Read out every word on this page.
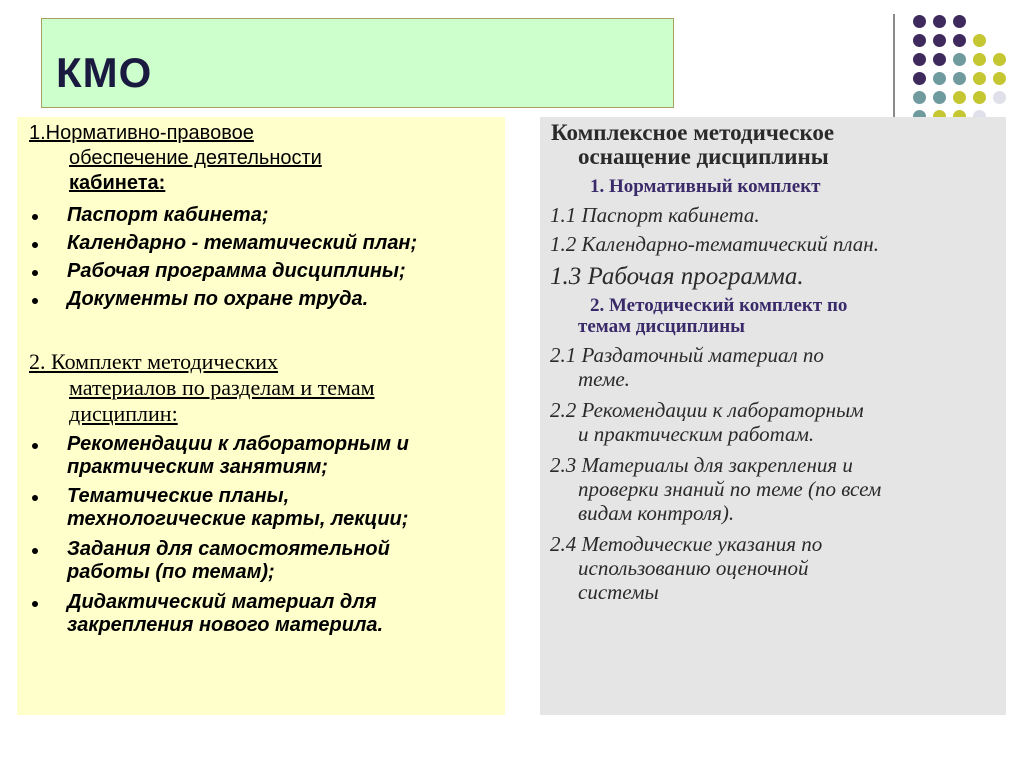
КМО
1.Нормативно-правовое
обеспечение деятельности
кабинета:
Паспорт кабинета;
Календарно - тематический план;
Рабочая программа дисциплины;
Документы по охране труда.
2. Комплект методических
материалов по разделам и темам
дисциплин:
Рекомендации к лабораторным и
практическим занятиям;
Тематические планы,
технологические карты, лекции;
Задания для самостоятельной
работы (по темам);
Дидактический материал для
закрепления нового материла.
Комплексное методическое
оснащение дисциплины
1. Нормативный комплект
1.1 Паспорт кабинета.
1.2 Календарно-тематический план.
1.3 Рабочая программа.
2. Методический комплект по
темам дисциплины
2.1 Раздаточный материал по
теме.
2.2 Рекомендации к лабораторным
и практическим работам.
2.3 Материалы для закрепления и
проверки знаний по теме (по всем
видам контроля).
2.4 Методические указания по
использованию оценочной
системы
